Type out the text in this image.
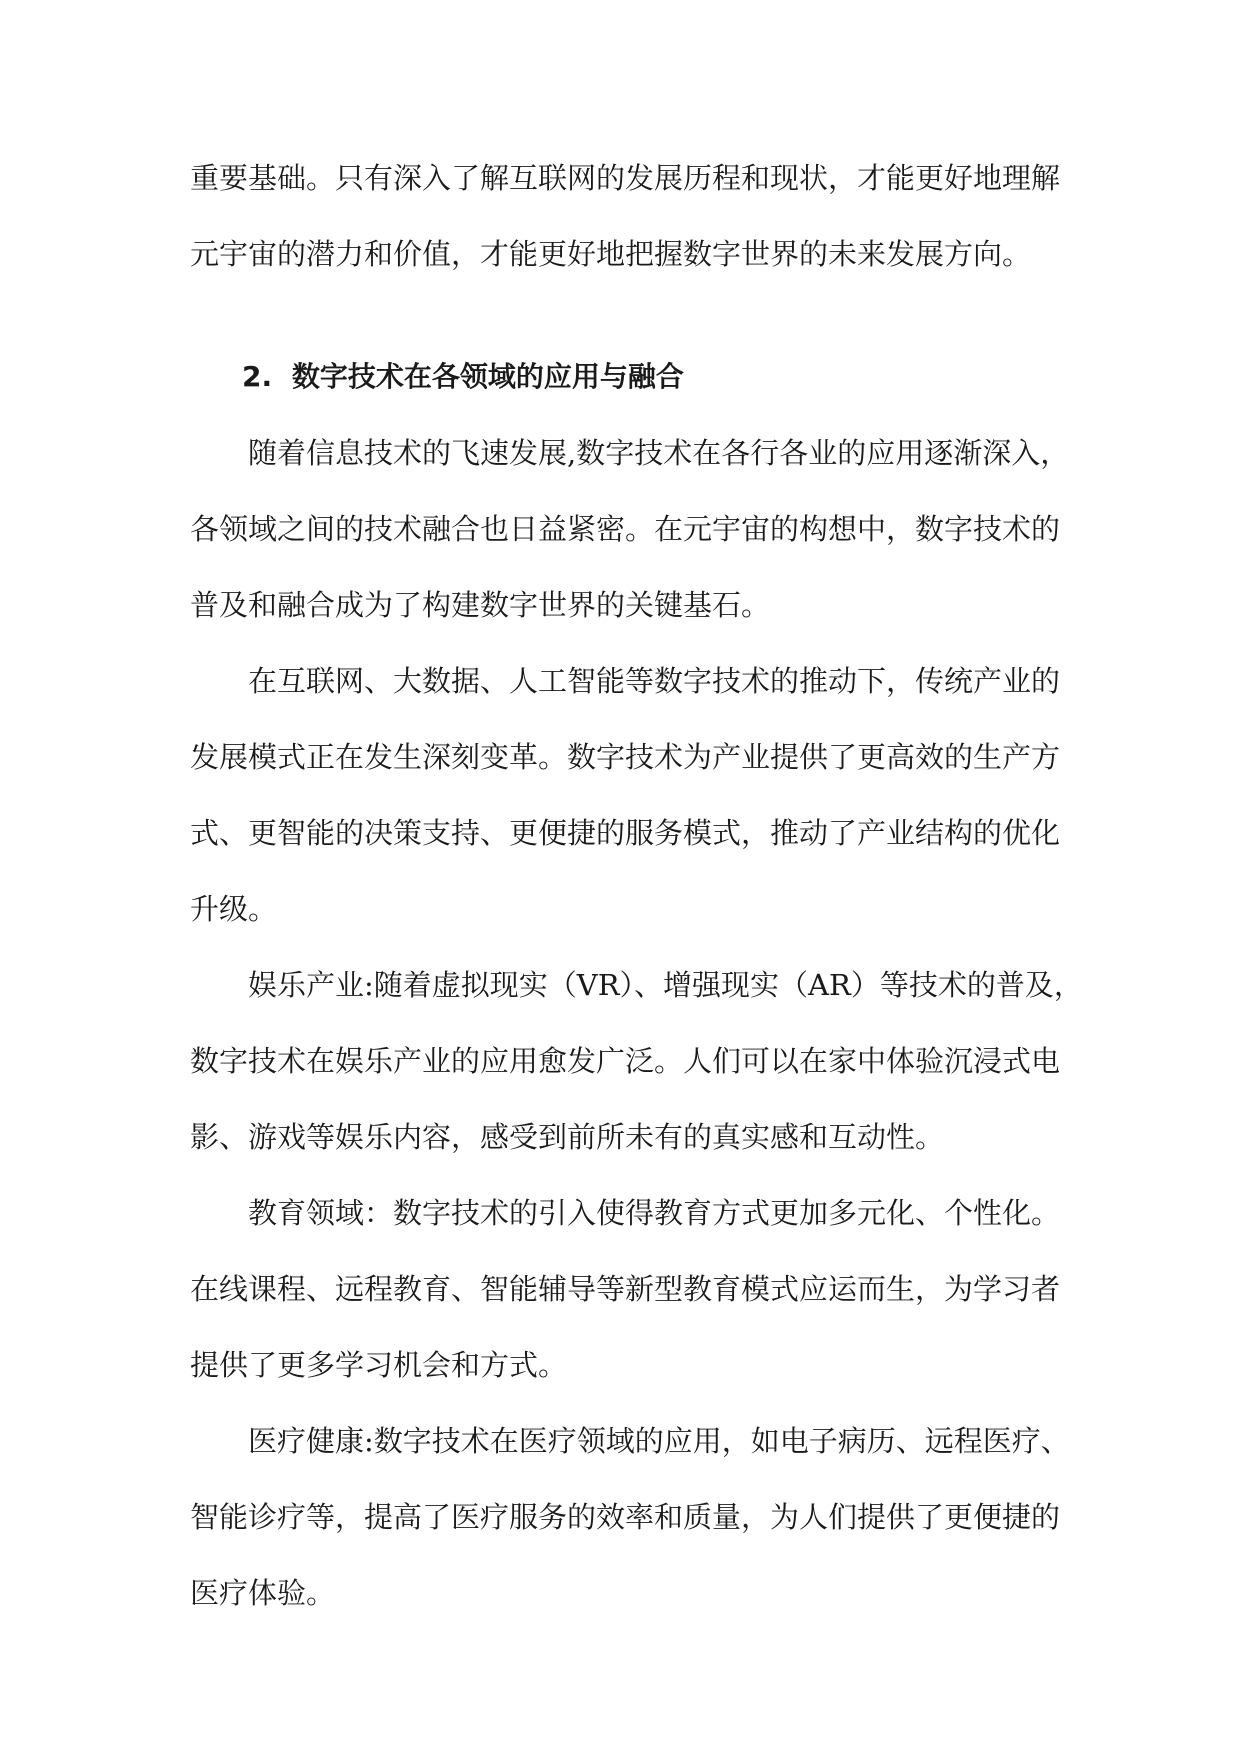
重要基础。只有深入了解互联网的发展历程和现状，才能更好地理解
元宇宙的潜力和价值，才能更好地把握数字世界的未来发展方向。
2. 数字技术在各领域的应用与融合
随着信息技术的飞速发展,数字技术在各行各业的应用逐渐深入，
各领域之间的技术融合也日益紧密。在元宇宙的构想中，数字技术的
普及和融合成为了构建数字世界的关键基石。
在互联网、大数据、人工智能等数字技术的推动下，传统产业的
发展模式正在发生深刻变革。数字技术为产业提供了更高效的生产方
式、更智能的决策支持、更便捷的服务模式，推动了产业结构的优化
升级。
娱乐产业:随着虚拟现实（VR）、增强现实（AR）等技术的普及，
数字技术在娱乐产业的应用愈发广泛。人们可以在家中体验沉浸式电
影、游戏等娱乐内容，感受到前所未有的真实感和互动性。
教育领域：数字技术的引入使得教育方式更加多元化、个性化。
在线课程、远程教育、智能辅导等新型教育模式应运而生，为学习者
提供了更多学习机会和方式。
医疗健康:数字技术在医疗领域的应用，如电子病历、远程医疗、
智能诊疗等，提高了医疗服务的效率和质量，为人们提供了更便捷的
医疗体验。
